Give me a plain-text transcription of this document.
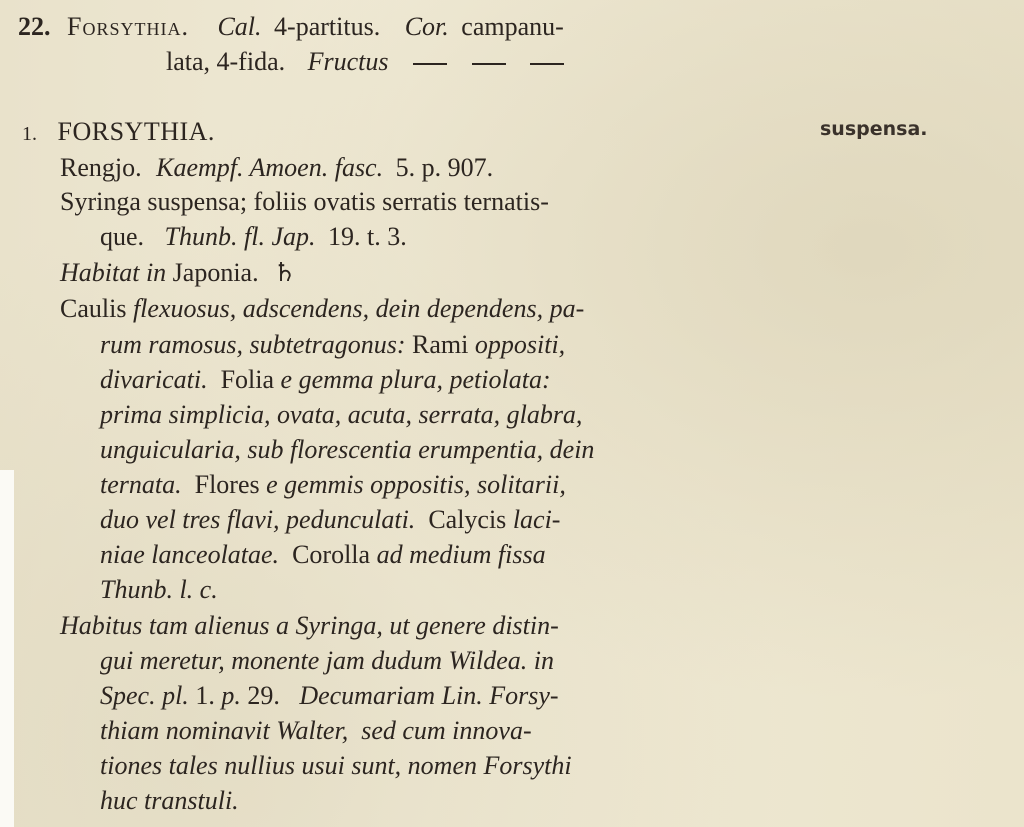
22. Forsythia. Cal. 4-partitus. Cor. campanu-
lata, 4-fida. Fructus
1. FORSYTHIA.	suspensa.
Rengjo. Kaempf. Amoen. fasc. 5. p. 907.
Syringa suspensa; foliis ovatis serratis ternatis-
que. Thunb. fl. Jap. 19. t. 3.
Habitat in Japonia. ♄
Caulis flexuosus, adscendens, dein dependens, pa-
rum ramosus, subtetragonus: Rami oppositi,
divaricati.  Folia e gemma plura, petiolata:
prima simplicia, ovata, acuta, serrata, glabra,
unguicularia, sub florescentia erumpentia, dein
ternata.  Flores e gemmis oppositis, solitarii,
duo vel tres flavi, pedunculati.  Calycis laci-
niae lanceolatae.  Corolla ad medium fissa
Thunb. l. c.
Habitus tam alienus a Syringa, ut genere distin-
gui meretur, monente jam dudum Wildea. in
Spec. pl. 1. p. 29.   Decumariam Lin. Forsy-
thiam nominavit Walter,  sed cum innova-
tiones tales nullius usui sunt, nomen Forsythi
huc transtuli.
